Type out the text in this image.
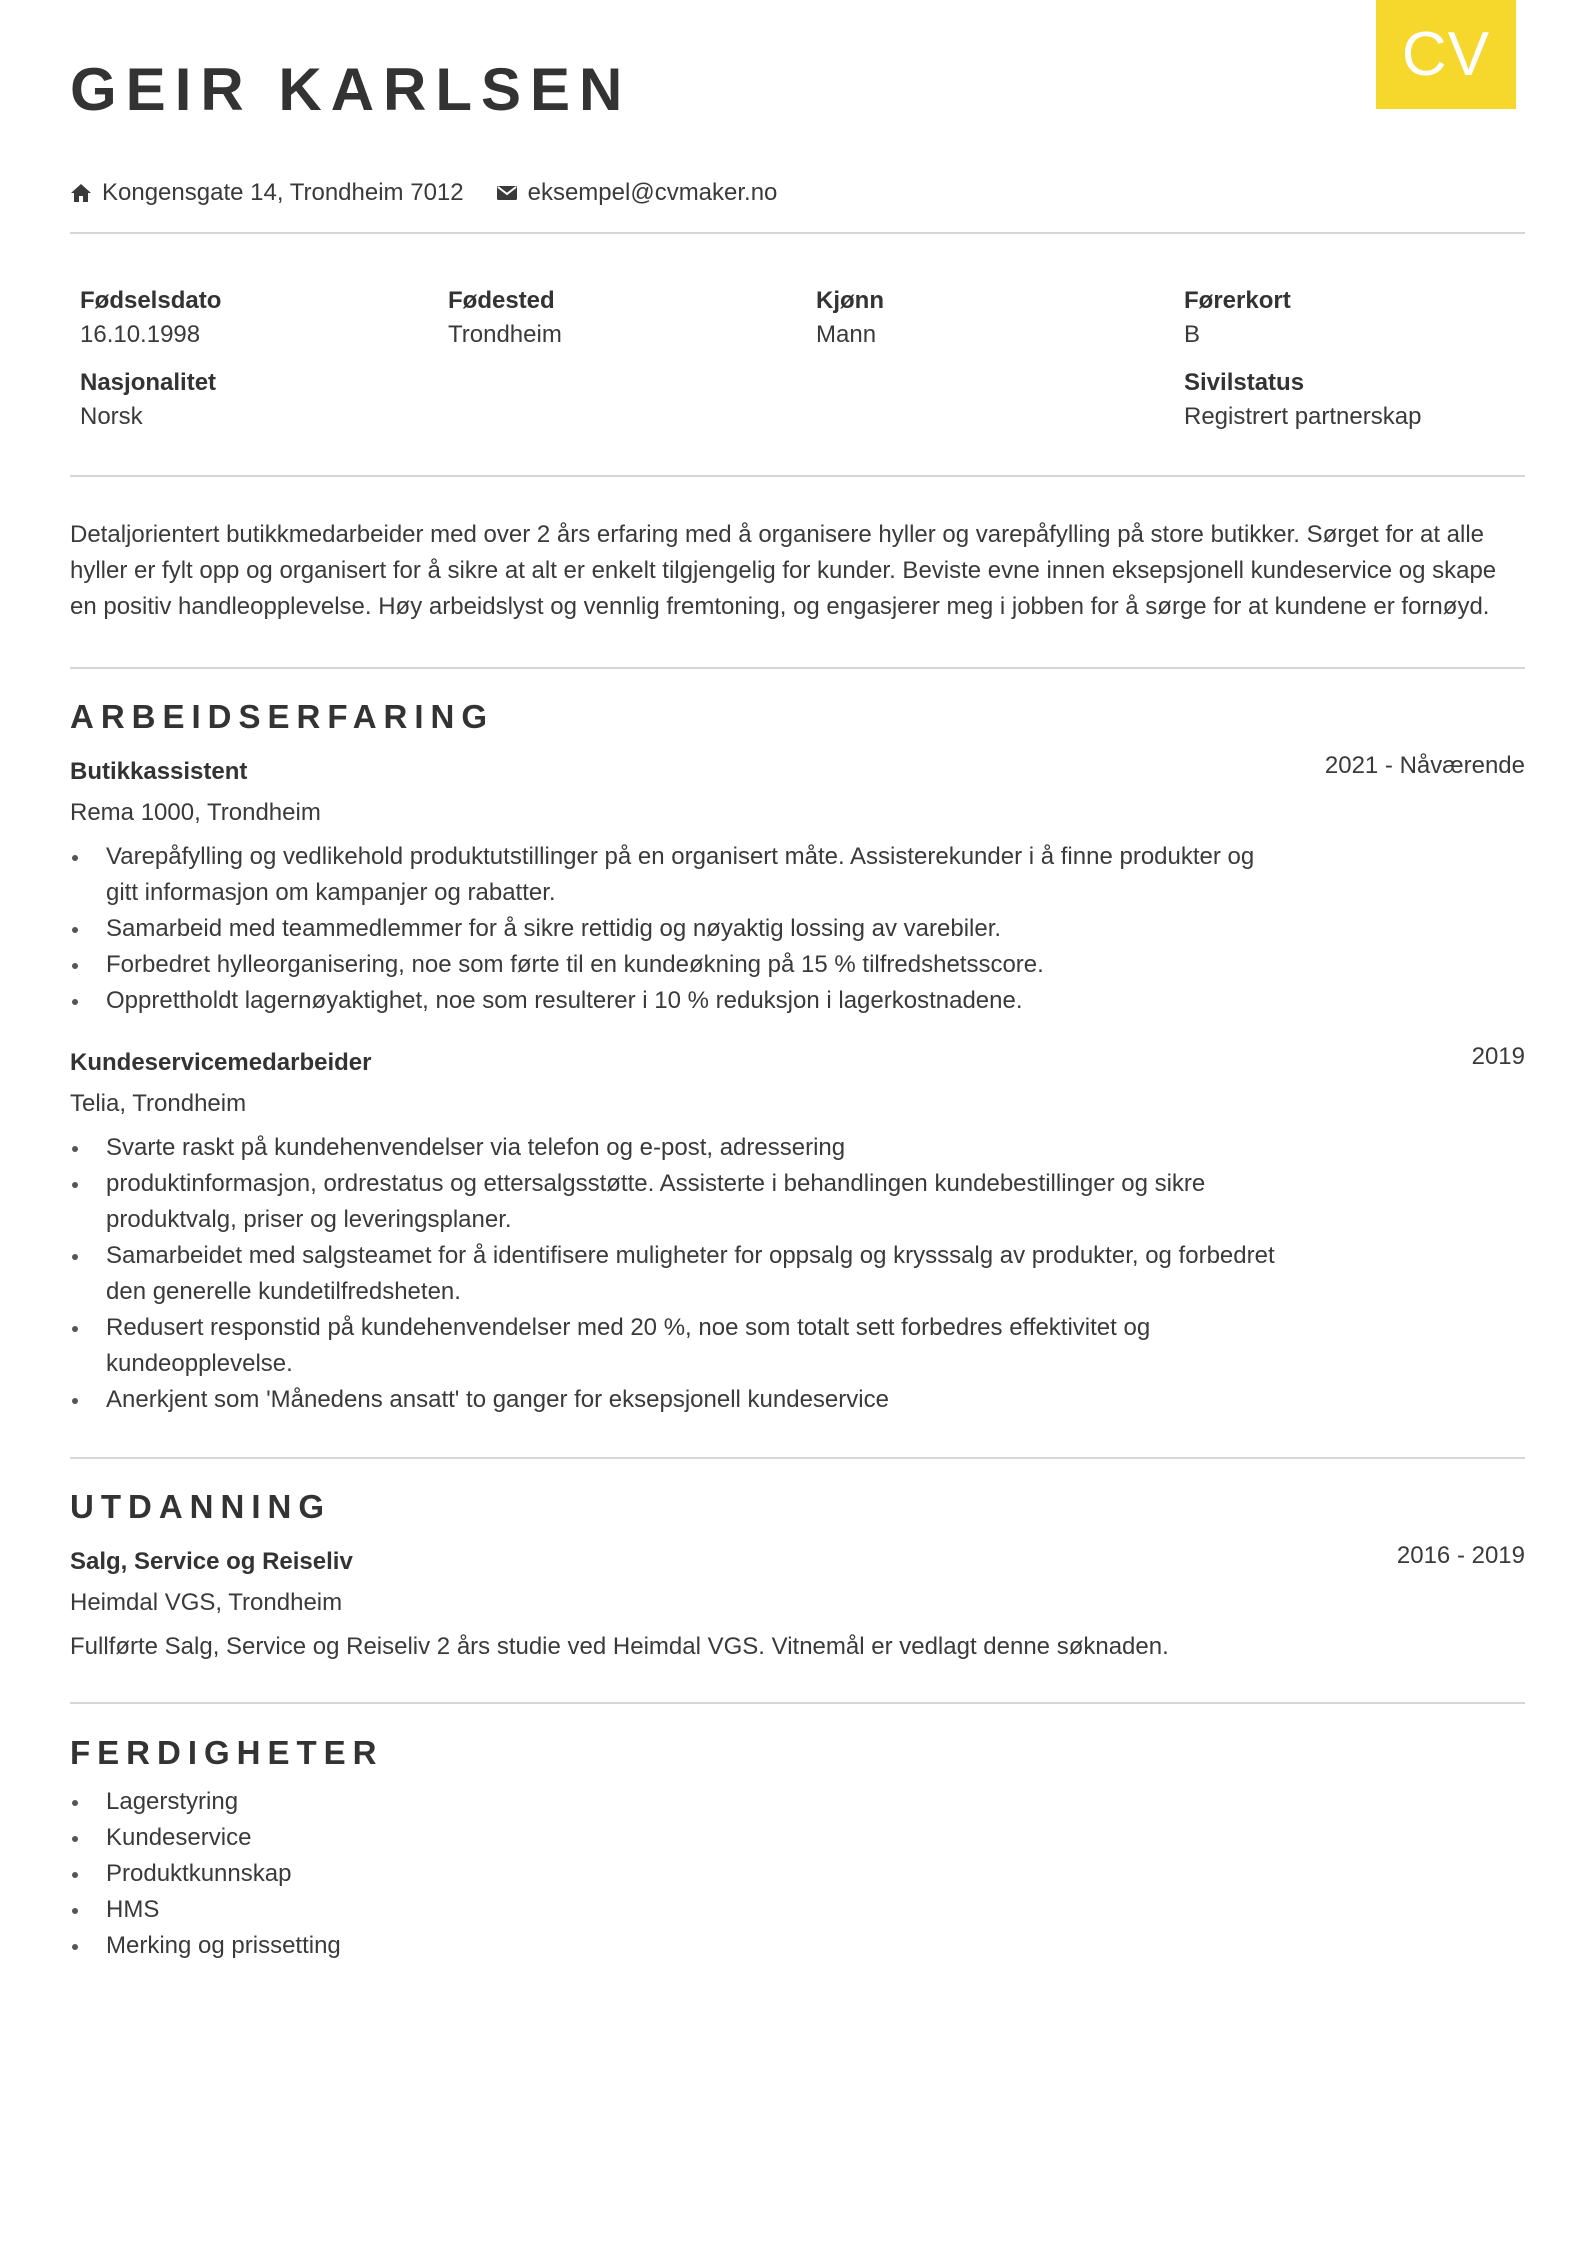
CV
GEIR KARLSEN
Kongensgate 14, Trondheim 7012	eksempel@cvmaker.no
Fødselsdato
16.10.1998
Fødested
Trondheim
Kjønn
Mann
Førerkort
B
Nasjonalitet
Norsk
Sivilstatus
Registrert partnerskap

Detaljorientert butikkmedarbeider med over 2 års erfaring med å organisere hyller og varepåfylling på store butikker. Sørget for at alle hyller er fylt opp og organisert for å sikre at alt er enkelt tilgjengelig for kunder. Beviste evne innen eksepsjonell kundeservice og skape en positiv handleopplevelse. Høy arbeidslyst og vennlig fremtoning, og engasjerer meg i jobben for å sørge for at kundene er fornøyd.

ARBEIDSERFARING
Butikkassistent	2021 - Nåværende
Rema 1000, Trondheim
Varepåfylling og vedlikehold produktutstillinger på en organisert måte. Assisterekunder i å finne produkter og gitt informasjon om kampanjer og rabatter.
Samarbeid med teammedlemmer for å sikre rettidig og nøyaktig lossing av varebiler.
Forbedret hylleorganisering, noe som førte til en kundeøkning på 15 % tilfredshetsscore.
Opprettholdt lagernøyaktighet, noe som resulterer i 10 % reduksjon i lagerkostnadene.
Kundeservicemedarbeider	2019
Telia, Trondheim
Svarte raskt på kundehenvendelser via telefon og e-post, adressering
produktinformasjon, ordrestatus og ettersalgsstøtte. Assisterte i behandlingen kundebestillinger og sikre produktvalg, priser og leveringsplaner.
Samarbeidet med salgsteamet for å identifisere muligheter for oppsalg og krysssalg av produkter, og forbedret den generelle kundetilfredsheten.
Redusert responstid på kundehenvendelser med 20 %, noe som totalt sett forbedres effektivitet og kundeopplevelse.
Anerkjent som 'Månedens ansatt' to ganger for eksepsjonell kundeservice
UTDANNING
Salg, Service og Reiseliv	2016 - 2019
Heimdal VGS, Trondheim
Fullførte Salg, Service og Reiseliv 2 års studie ved Heimdal VGS. Vitnemål er vedlagt denne søknaden.
FERDIGHETER
Lagerstyring
Kundeservice
Produktkunnskap
HMS
Merking og prissetting
